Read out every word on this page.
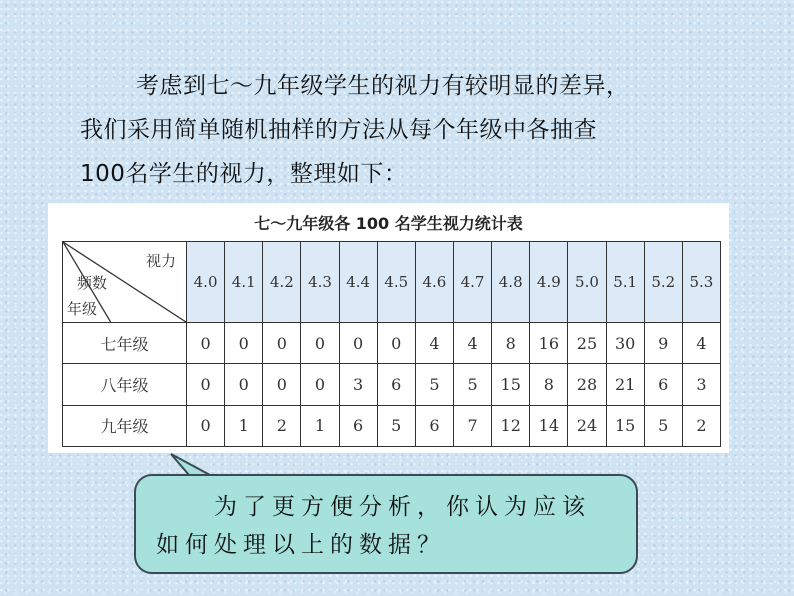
考虑到七～九年级学生的视力有较明显的差异，
我们采用简单随机抽样的方法从每个年级中各抽查
100名学生的视力，整理如下：
七～九年级各 100 名学生视力统计表
视力
频数
年级	4.0	4.1	4.2	4.3	4.4	4.5	4.6	4.7	4.8	4.9	5.0	5.1	5.2	5.3
七年级	0	0	0	0	0	0	4	4	8	16	25	30	9	4
八年级	0	0	0	0	3	6	5	5	15	8	28	21	6	3
九年级	0	1	2	1	6	5	6	7	12	14	24	15	5	2
为了更方便分析，你认为应该
如何处理以上的数据？
